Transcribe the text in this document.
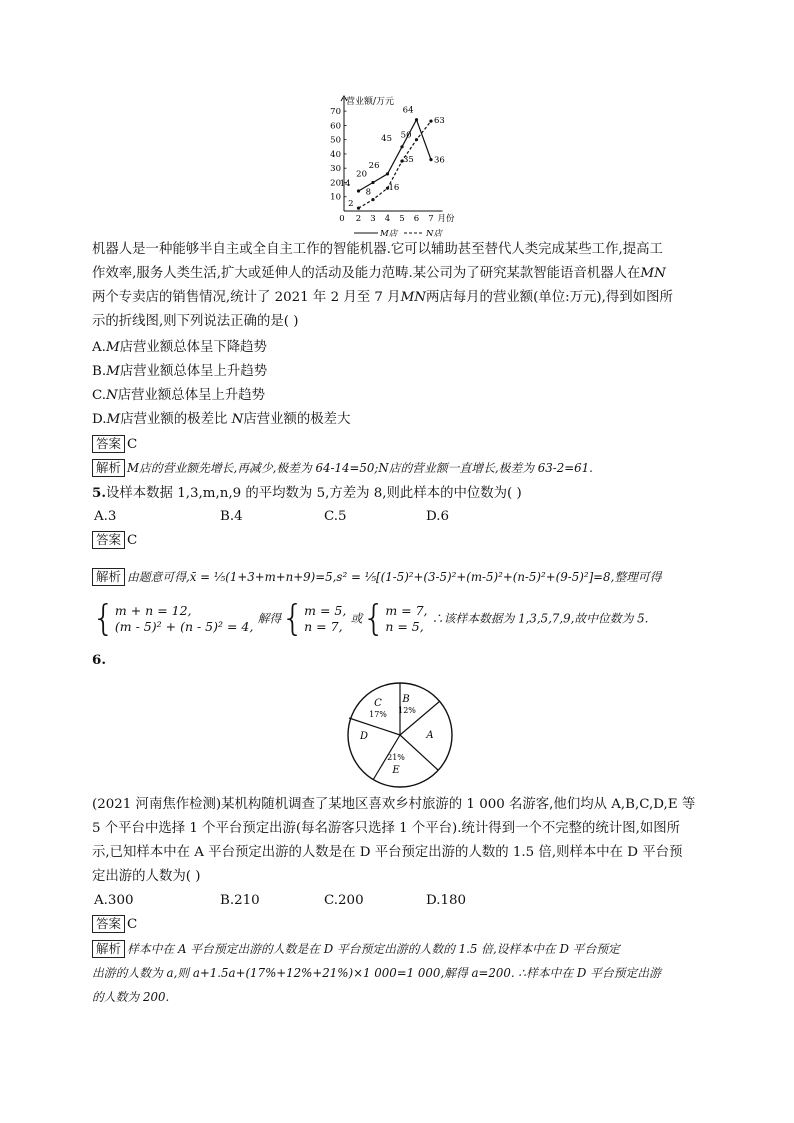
营业额/万元
月份
10
20
30
40
50
60
70
0 2 3 4 5 6 7
14
20
26
45
64
36
2
8 16
35
50
63
M店	N店
机器人是一种能够半自主或全自主工作的智能机器.它可以辅助甚至替代人类完成某些工作,提高工
作效率,服务人类生活,扩大或延伸人的活动及能力范畴.某公司为了研究某款智能语音机器人在MN
两个专卖店的销售情况,统计了 2021 年 2 月至 7 月MN两店每月的营业额(单位:万元),得到如图所
示的折线图,则下列说法正确的是( )
A.M店营业额总体呈下降趋势
B.M店营业额总体呈上升趋势
C.N店营业额总体呈上升趋势
D.M店营业额的极差比 N店营业额的极差大
答案 C
解析 M店的营业额先增长,再减少,极差为 64-14=50;N店的营业额一直增长,极差为 63-2=61.
5.设样本数据 1,3,m,n,9 的平均数为 5,方差为 8,则此样本的中位数为( )
A.3	B.4	C.5	D.6
答案 C
解析 由题意可得,x̄ = ⅕(1+3+m+n+9)=5,s² = ⅕[(1-5)²+(3-5)²+(m-5)²+(n-5)²+(9-5)²]=8,整理可得
{m + n = 12,
(m - 5)² + (n - 5)² = 4, 解得{m = 5,
n = 7, 或{m = 7,
n = 5, ∴该样本数据为 1,3,5,7,9,故中位数为 5.
6.
C
17%
B
12%
A
D
21%
E
(2021 河南焦作检测)某机构随机调查了某地区喜欢乡村旅游的 1 000 名游客,他们均从 A,B,C,D,E 等
5 个平台中选择 1 个平台预定出游(每名游客只选择 1 个平台).统计得到一个不完整的统计图,如图所
示,已知样本中在 A 平台预定出游的人数是在 D 平台预定出游的人数的 1.5 倍,则样本中在 D 平台预
定出游的人数为( )
A.300	B.210	C.200	D.180
答案 C
解析 样本中在 A 平台预定出游的人数是在 D 平台预定出游的人数的 1.5 倍,设样本中在 D 平台预定
出游的人数为 a,则 a+1.5a+(17%+12%+21%)×1 000=1 000,解得 a=200. ∴样本中在 D 平台预定出游
的人数为 200.
